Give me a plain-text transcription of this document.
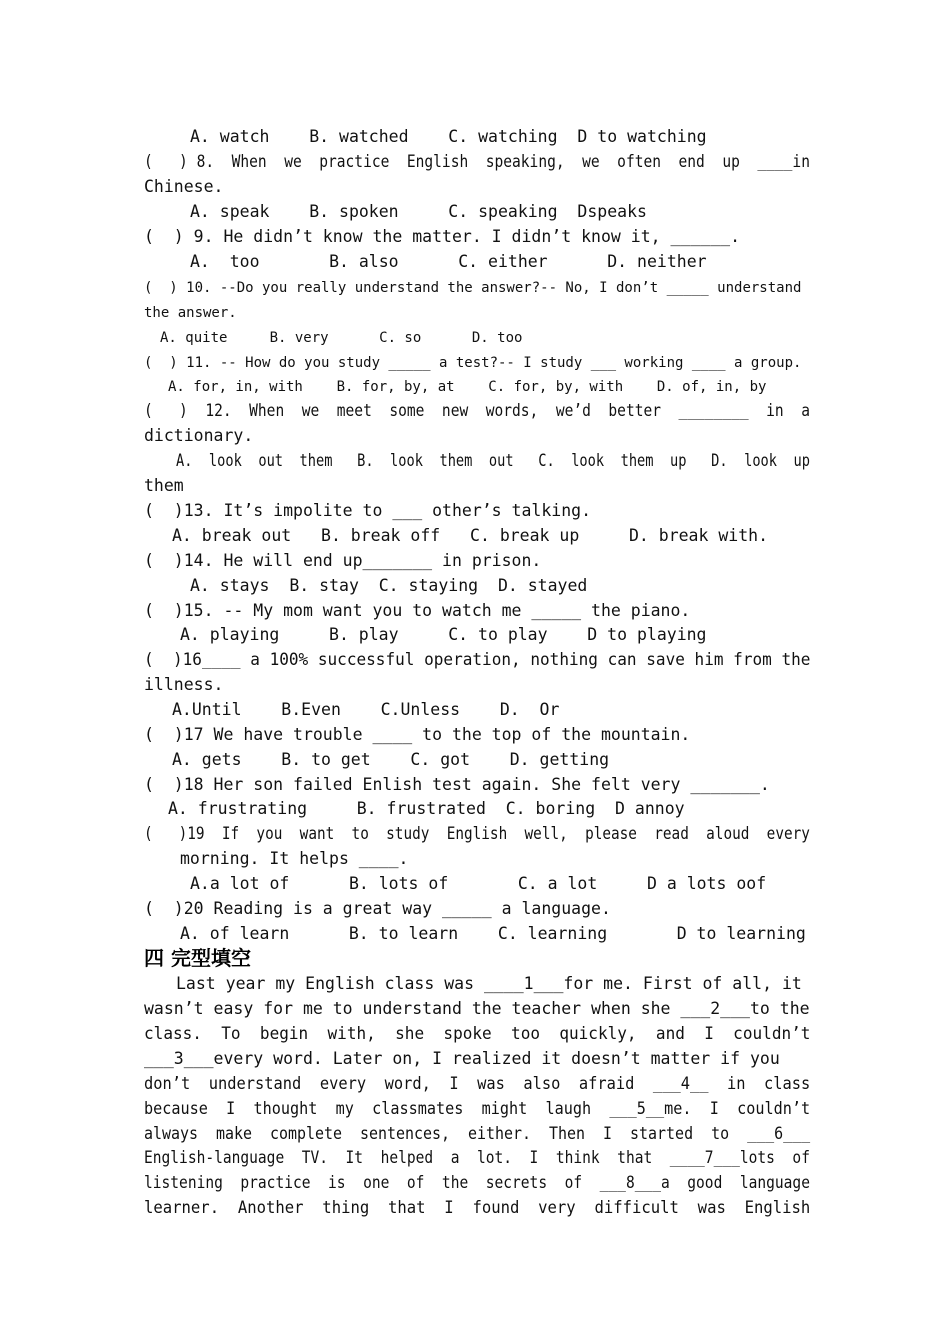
A. watch    B. watched    C. watching  D to watching
(   ) 8.  When  we  practice  English  speaking,  we  often  end  up  ____in
Chinese.
A. speak    B. spoken     C. speaking  Dspeaks
(  ) 9. He didn’t know the matter. I didn’t know it, ______.
A.  too       B. also      C. either      D. neither
(  ) 10. --Do you really understand the answer?-- No, I don’t _____ understand
the answer.
A. quite     B. very      C. so      D. too
(  ) 11. -- How do you study _____ a test?-- I study ___ working ____ a group.
A. for, in, with    B. for, by, at    C. for, by, with    D. of, in, by
(   )  12.  When  we  meet  some  new  words,  we’d  better  ________  in  a
dictionary.
A.  look  out  them   B.  look  them  out   C.  look  them  up   D.  look  up
them
(  )13. It’s impolite to ___ other’s talking.
A. break out   B. break off   C. break up     D. break with.
(  )14. He will end up_______ in prison.
A. stays  B. stay  C. staying  D. stayed
(  )15. -- My mom want you to watch me _____ the piano.
A. playing     B. play     C. to play    D to playing
(  )16____ a 100% successful operation, nothing can save him from the
illness.
A.Until    B.Even    C.Unless    D.  Or
(  )17 We have trouble ____ to the top of the mountain.
A. gets    B. to get    C. got    D. getting
(  )18 Her son failed Enlish test again. She felt very _______.
A. frustrating     B. frustrated  C. boring  D annoy
(   )19  If  you  want  to  study  English  well,  please  read  aloud  every
morning. It helps ____.
A.a lot of      B. lots of       C. a lot     D a lots oof
(  )20 Reading is a great way _____ a language.
A. of learn      B. to learn    C. learning       D to learning
四 完型填空
Last year my English class was ____1___for me. First of all, it
wasn’t easy for me to understand the teacher when she ___2___to the
class.  To  begin  with,  she  spoke  too  quickly,  and  I  couldn’t
___3___every word. Later on, I realized it doesn’t matter if you
don’t  understand  every  word,  I  was  also  afraid  ___4__  in  class
because  I  thought  my  classmates  might  laugh  ___5__me.  I  couldn’t
always  make  complete  sentences,  either.  Then  I  started  to  ___6___
English-language  TV.  It  helped  a  lot.  I  think  that  ____7___lots  of
listening  practice  is  one  of  the  secrets  of  ___8___a  good  language
learner.  Another  thing  that  I  found  very  difficult  was  English
